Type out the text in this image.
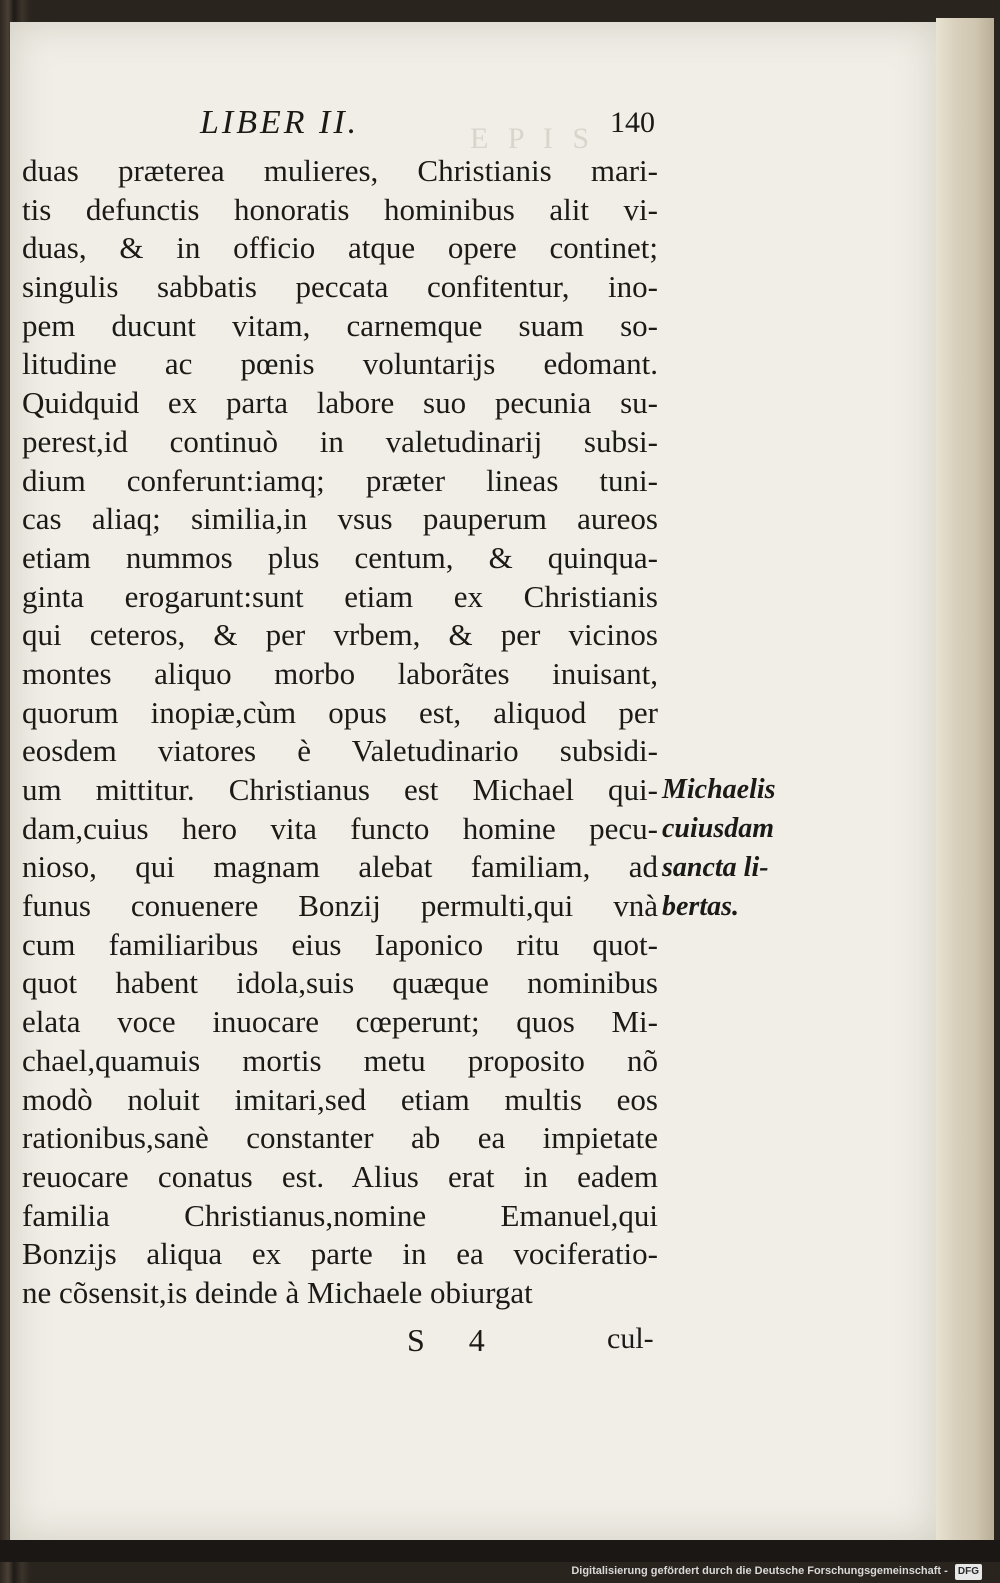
E P I S
LIBER II.	140
duas præterea mulieres, Christianis mari-
tis defunctis honoratis hominibus alit vi-
duas, & in officio atque opere continet;
singulis sabbatis peccata confitentur, ino-
pem ducunt vitam, carnemque suam so-
litudine ac pœnis voluntarijs edomant.
Quidquid ex parta labore suo pecunia su-
perest,id continuò in valetudinarij subsi-
dium conferunt:iamq; præter lineas tuni-
cas aliaq; similia,in vsus pauperum aureos
etiam nummos plus centum, & quinqua-
ginta erogarunt:sunt etiam ex Christianis
qui ceteros, & per vrbem, & per vicinos
montes aliquo morbo laborãtes inuisant,
quorum inopiæ,cùm opus est, aliquod per
eosdem viatores è Valetudinario subsidi-
um mittitur. Christianus est Michael qui-
dam,cuius hero vita functo homine pecu-
nioso, qui magnam alebat familiam, ad
funus conuenere Bonzij permulti,qui vnà
cum familiaribus eius Iaponico ritu quot-
quot habent idola,suis quæque nominibus
elata voce inuocare cœperunt; quos Mi-
chael,quamuis mortis metu proposito nõ
modò noluit imitari,sed etiam multis eos
rationibus,sanè constanter ab ea impietate
reuocare conatus est. Alius erat in eadem
familia Christianus,nomine Emanuel,qui
Bonzijs aliqua ex parte in ea vociferatio-
ne cõsensit,is deinde à Michaele obiurgat
Michaelis
cuiusdam
sancta li-
bertas.
S 4	cul-
Digitalisierung gefördert durch die Deutsche Forschungsgemeinschaft - DFG
